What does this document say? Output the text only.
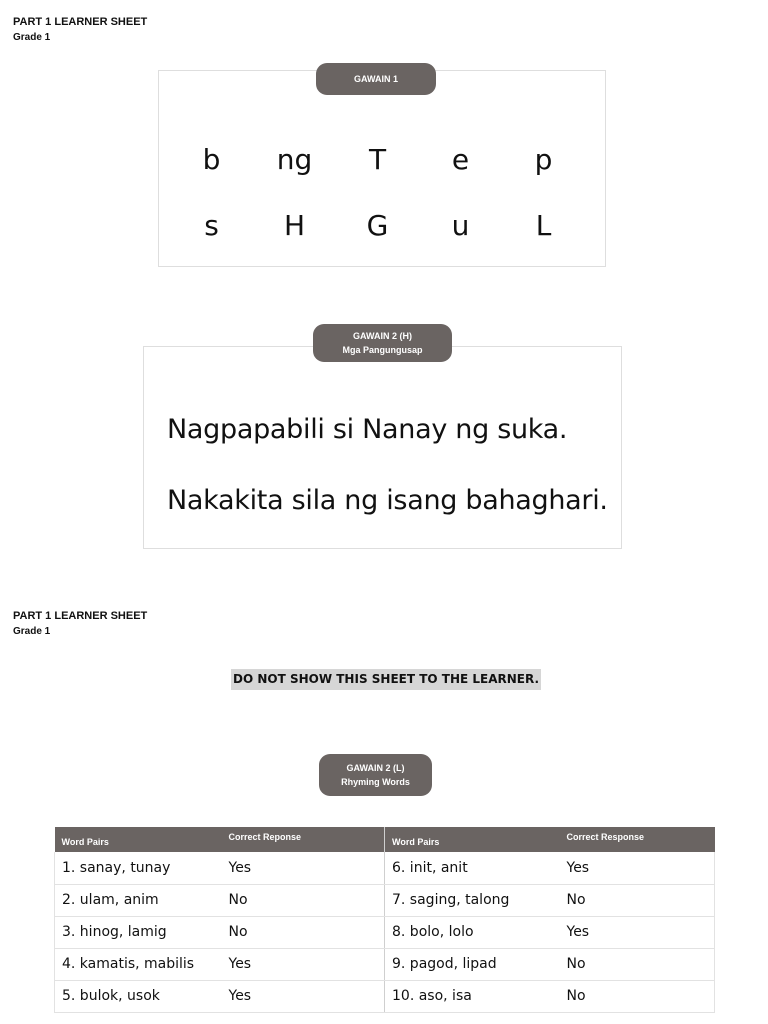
PART 1 LEARNER SHEET
Grade 1
GAWAIN 1
b	ng	T	e	p
s	H	G	u	L
GAWAIN 2 (H)
Mga Pangungusap
Nagpapabili si Nanay ng suka.
Nakakita sila ng isang bahaghari.
PART 1 LEARNER SHEET
Grade 1
DO NOT SHOW THIS SHEET TO THE LEARNER.
GAWAIN 2 (L)
Rhyming Words
Word Pairs	Correct Reponse	Word Pairs	Correct Response
1. sanay, tunay	Yes	6. init, anit	Yes
2. ulam, anim	No	7. saging, talong	No
3. hinog, lamig	No	8. bolo, lolo	Yes
4. kamatis, mabilis	Yes	9. pagod, lipad	No
5. bulok, usok	Yes	10. aso, isa	No
